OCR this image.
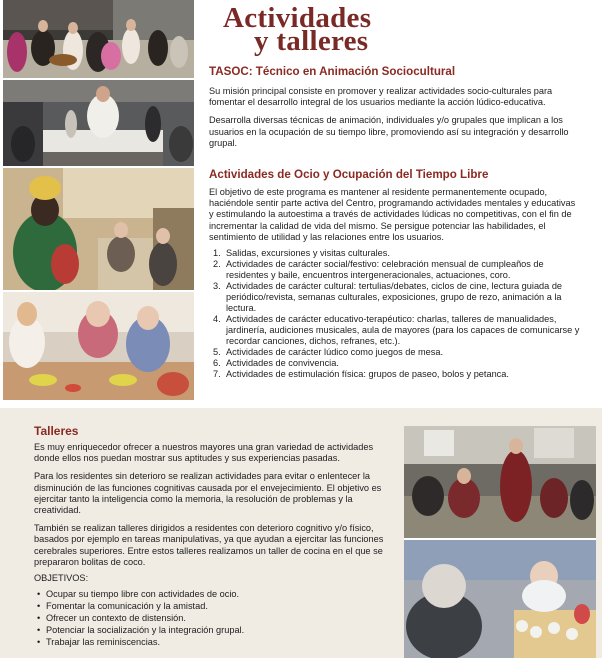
Actividades
y talleres
TASOC: Técnico en Animación Sociocultural

Su misión principal consiste en promover y realizar actividades socio-culturales para fomentar el desarrollo integral de los usuarios mediante la acción lúdico-educativa.

Desarrolla diversas técnicas de animación, individuales y/o grupales que implican a los usuarios en la ocupación de su tiempo libre, promoviendo así su integración y desarrollo grupal.

Actividades de Ocio y Ocupación del Tiempo Libre

El objetivo de este programa es mantener al residente permanentemente ocupado, haciéndole sentir parte activa del Centro, programando actividades mentales y educativas y estimulando la autoestima a través de actividades lúdicas no competitivas, con el fin de incrementar la calidad de vida del mismo. Se persigue potenciar las habilidades, el sentimiento de utilidad y las relaciones entre los usuarios.

1. Salidas, excursiones y visitas culturales.
2. Actividades de carácter social/festivo: celebración mensual de cumpleaños de residentes y baile, encuentros intergeneracionales, actuaciones, coro.
3. Actividades de carácter cultural: tertulias/debates, ciclos de cine, lectura guiada de periódico/revista, semanas culturales, exposiciones, grupo de rezo, animación a la lectura.
4. Actividades de carácter educativo-terapéutico: charlas, talleres de manualidades, jardinería, audiciones musicales, aula de mayores (para los capaces de comunicarse y recordar canciones, dichos, refranes, etc.).
5. Actividades de carácter lúdico como juegos de mesa.
6. Actividades de convivencia.
7. Actividades de estimulación física: grupos de paseo, bolos y petanca.
Talleres

Es muy enriquecedor ofrecer a nuestros mayores una gran variedad de actividades donde ellos nos puedan mostrar sus aptitudes y sus experiencias pasadas.

Para los residentes sin deterioro se realizan actividades para evitar o enlentecer la disminución de las funciones cognitivas causada por el envejecimiento. El objetivo es ejercitar tanto la inteligencia como la memoria, la resolución de problemas y la creatividad.

También se realizan talleres dirigidos a residentes con deterioro cognitivo y/o físico, basados por ejemplo en tareas manipulativas, ya que ayudan a ejercitar las funciones cerebrales superiores. Entre estos talleres realizamos un taller de cocina en el que se prepararon bolitas de coco.

OBJETIVOS:

• Ocupar su tiempo libre con actividades de ocio.
• Fomentar la comunicación y la amistad.
• Ofrecer un contexto de distensión.
• Potenciar la socialización y la integración grupal.
• Trabajar las reminiscencias.
